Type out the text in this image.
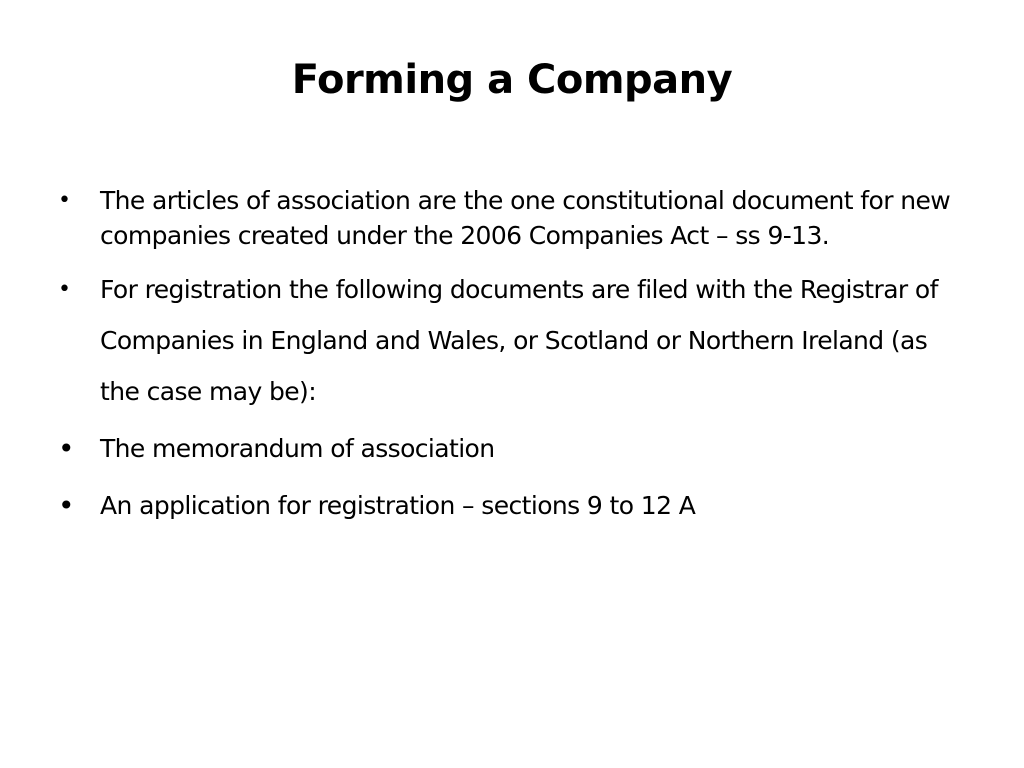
Forming a Company
• The articles of association are the one constitutional document for new companies created under the 2006 Companies Act – ss 9-13.
• For registration the following documents are filed with the Registrar of Companies in England and Wales, or Scotland or Northern Ireland (as the case may be):
• The memorandum of association
• An application for registration – sections 9 to 12 A
